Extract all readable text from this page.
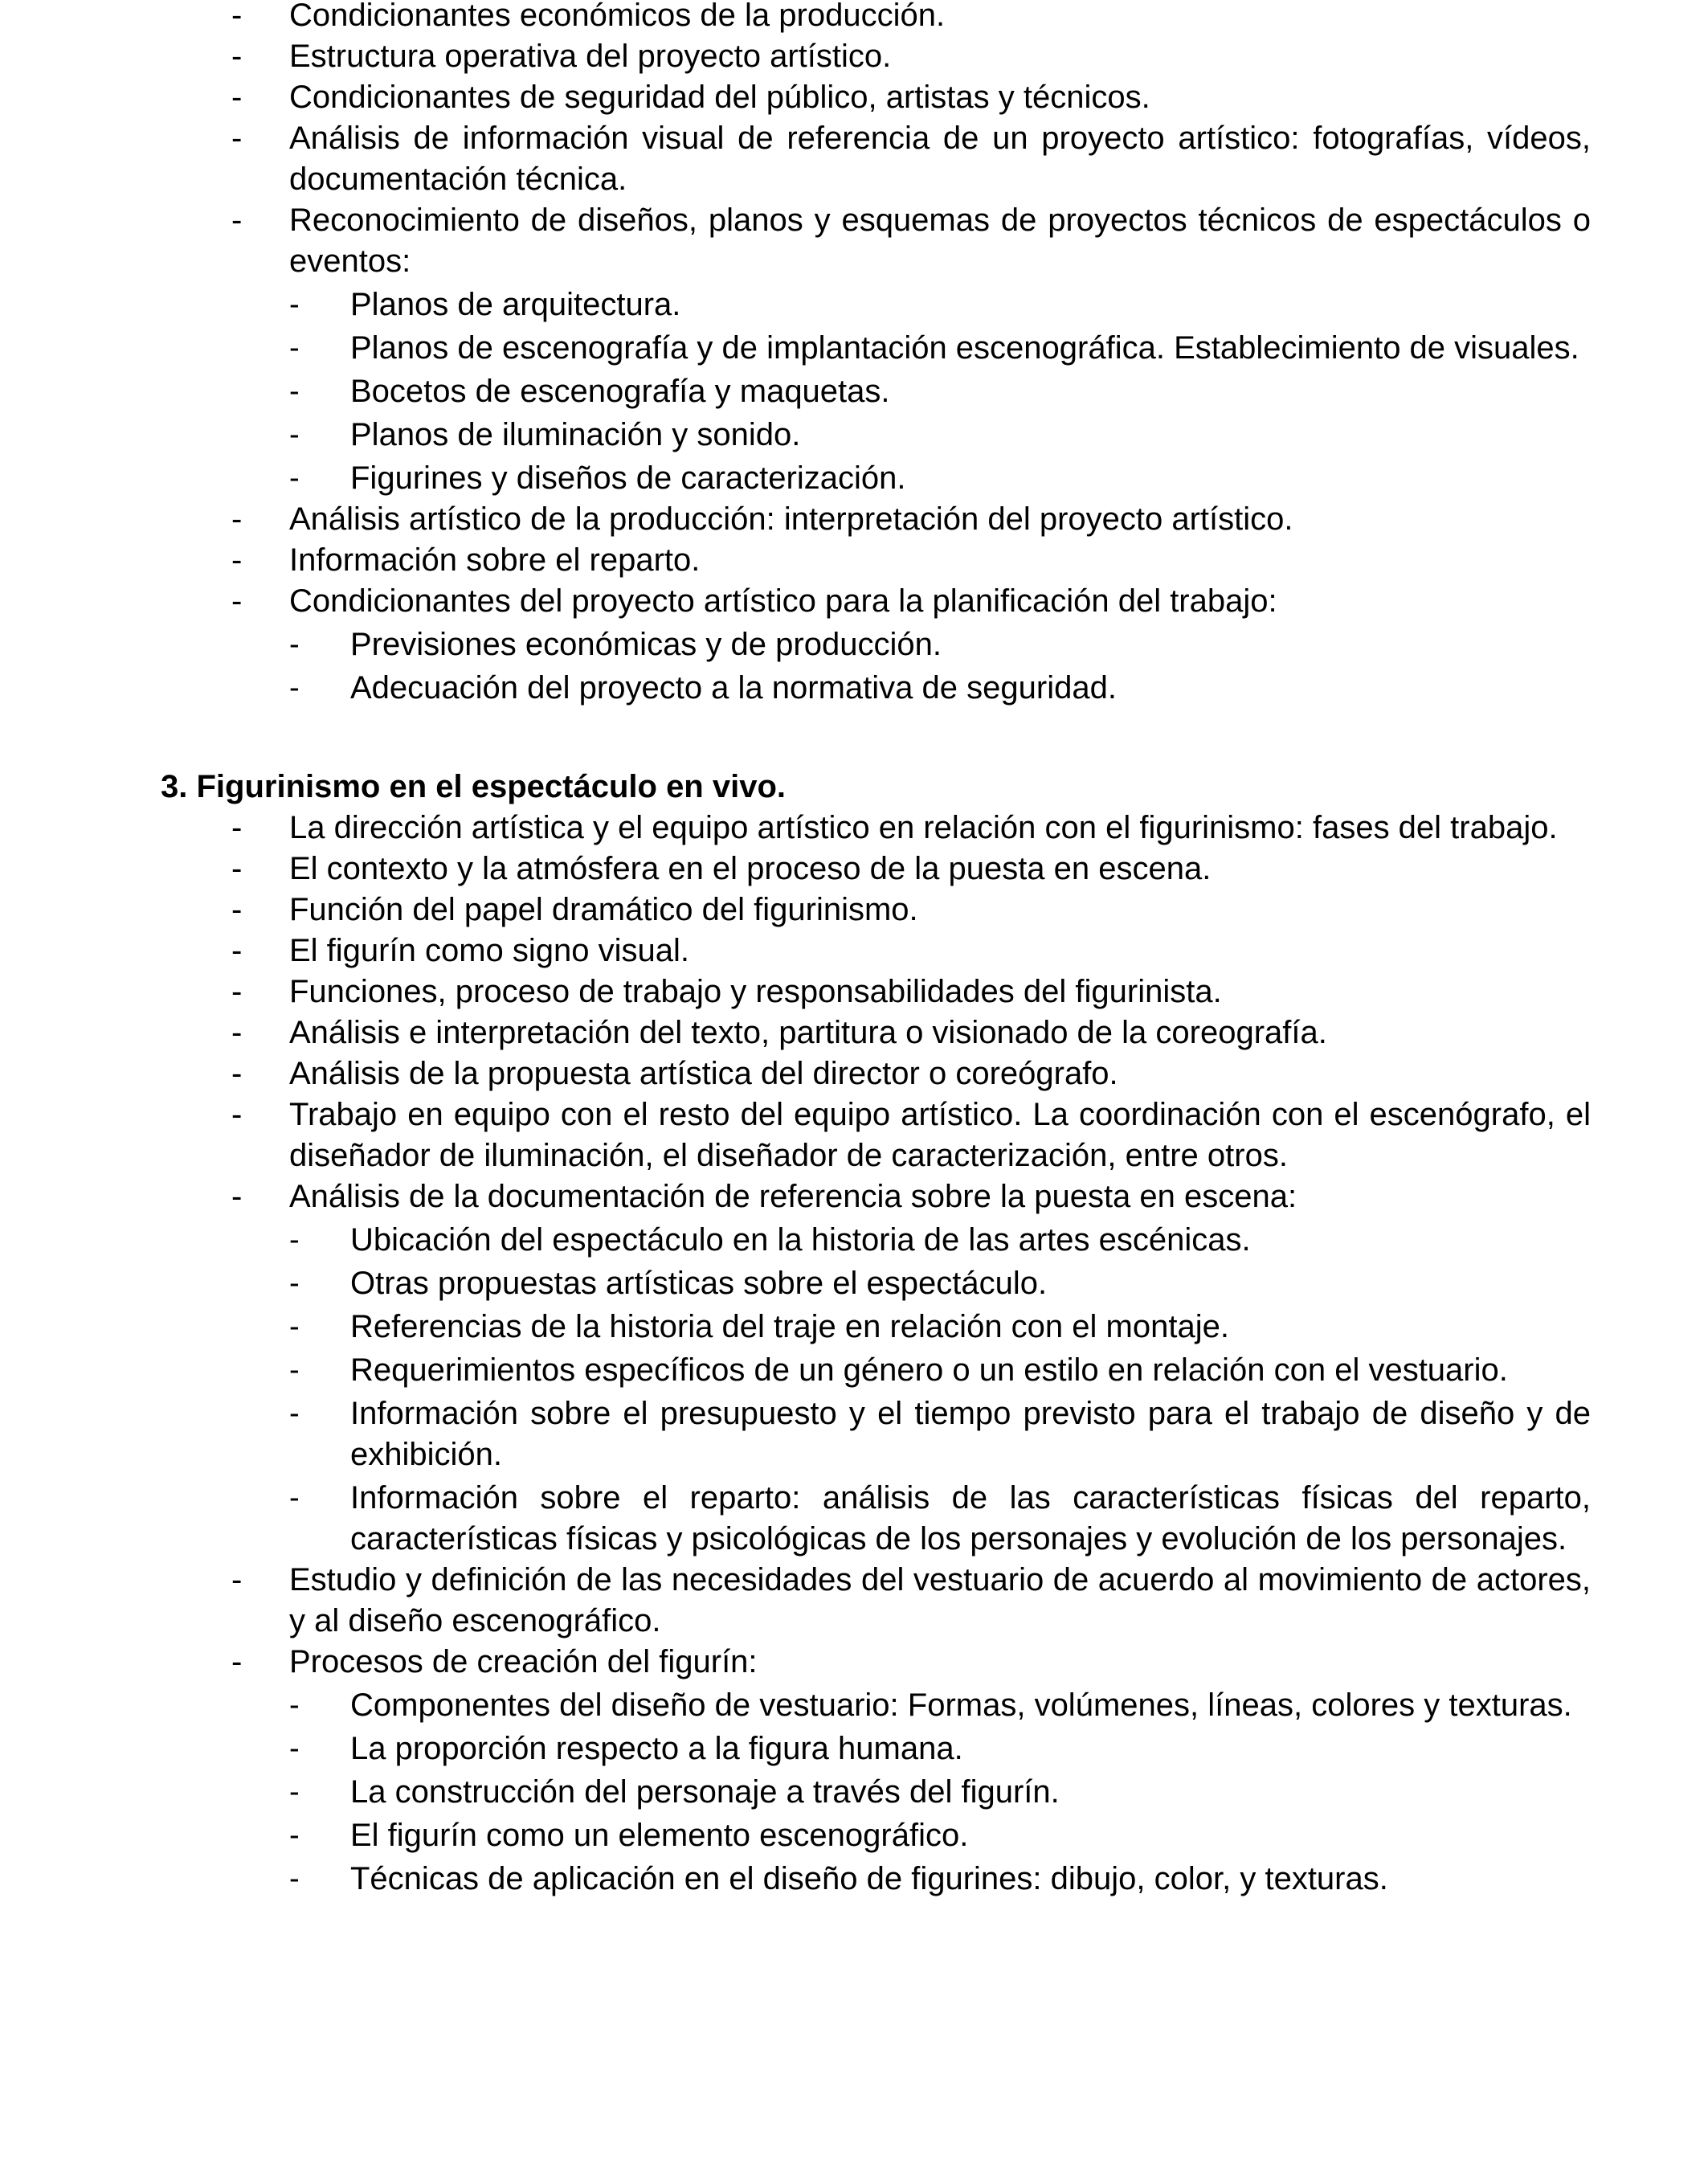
- Condicionantes económicos de la producción.
- Estructura operativa del proyecto artístico.
- Condicionantes de seguridad del público, artistas y técnicos.
- Análisis de información visual de referencia de un proyecto artístico: fotografías, vídeos, documentación técnica.
- Reconocimiento de diseños, planos y esquemas de proyectos técnicos de espectáculos o eventos:
- Planos de arquitectura.
- Planos de escenografía y de implantación escenográfica. Establecimiento de visuales.
- Bocetos de escenografía y maquetas.
- Planos de iluminación y sonido.
- Figurines y diseños de caracterización.
- Análisis artístico de la producción: interpretación del proyecto artístico.
- Información sobre el reparto.
- Condicionantes del proyecto artístico para la planificación del trabajo:
- Previsiones económicas y de producción.
- Adecuación del proyecto a la normativa de seguridad.
3. Figurinismo en el espectáculo en vivo.
- La dirección artística y el equipo artístico en relación con el figurinismo: fases del trabajo.
- El contexto y la atmósfera en el proceso de la puesta en escena.
- Función del papel dramático del figurinismo.
- El figurín como signo visual.
- Funciones, proceso de trabajo y responsabilidades del figurinista.
- Análisis e interpretación del texto, partitura o visionado de la coreografía.
- Análisis de la propuesta artística del director o coreógrafo.
- Trabajo en equipo con el resto del equipo artístico. La coordinación con el escenógrafo, el diseñador de iluminación, el diseñador de caracterización, entre otros.
- Análisis de la documentación de referencia sobre la puesta en escena:
- Ubicación del espectáculo en la historia de las artes escénicas.
- Otras propuestas artísticas sobre el espectáculo.
- Referencias de la historia del traje en relación con el montaje.
- Requerimientos específicos de un género o un estilo en relación con el vestuario.
- Información sobre el presupuesto y el tiempo previsto para el trabajo de diseño y de exhibición.
- Información sobre el reparto: análisis de las características físicas del reparto, características físicas y psicológicas de los personajes y evolución de los personajes.
- Estudio y definición de las necesidades del vestuario de acuerdo al movimiento de actores, y al diseño escenográfico.
- Procesos de creación del figurín:
- Componentes del diseño de vestuario: Formas, volúmenes, líneas, colores y texturas.
- La proporción respecto a la figura humana.
- La construcción del personaje a través del figurín.
- El figurín como un elemento escenográfico.
- Técnicas de aplicación en el diseño de figurines: dibujo, color, y texturas.
